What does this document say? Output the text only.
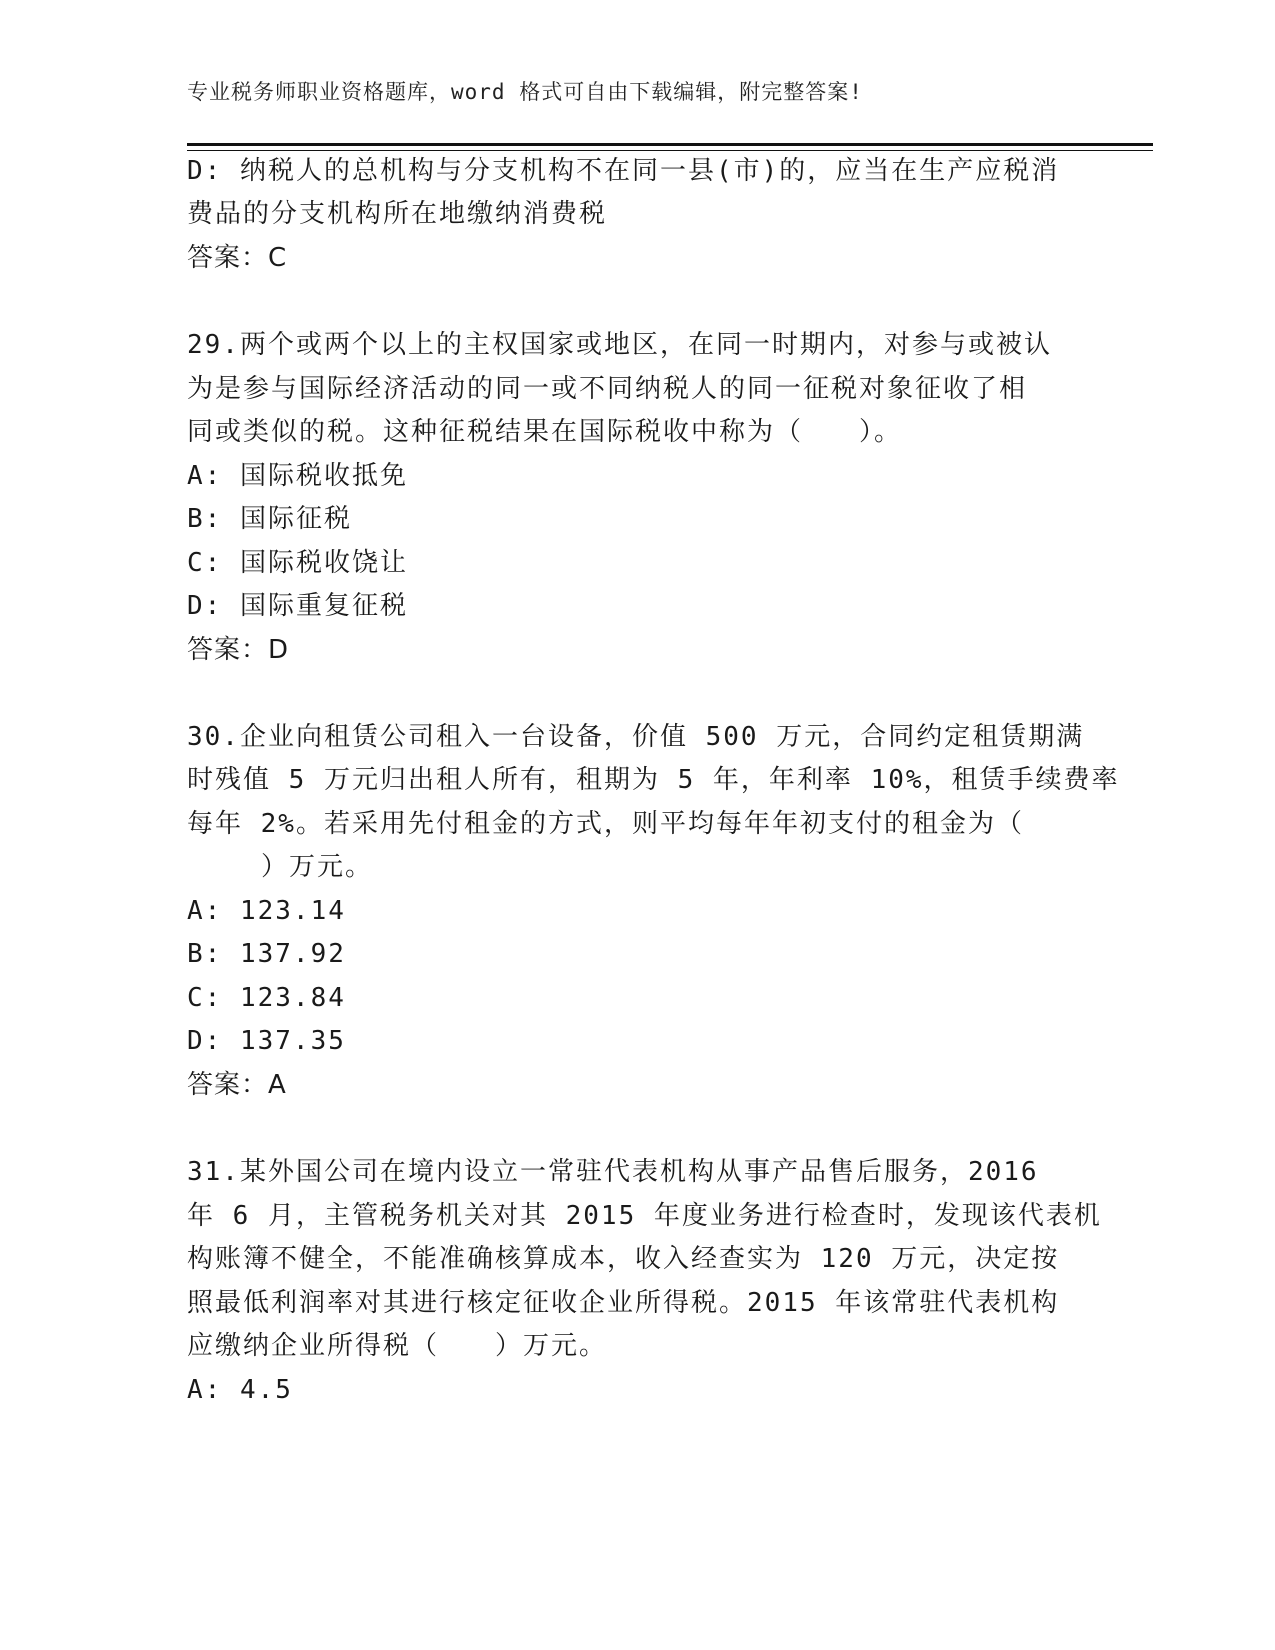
专业税务师职业资格题库，word 格式可自由下载编辑，附完整答案!
D: 纳税人的总机构与分支机构不在同一县(市)的，应当在生产应税消
费品的分支机构所在地缴纳消费税
答案：C
29.两个或两个以上的主权国家或地区，在同一时期内，对参与或被认
为是参与国际经济活动的同一或不同纳税人的同一征税对象征收了相
同或类似的税。这种征税结果在国际税收中称为（　　）。
A: 国际税收抵免
B: 国际征税
C: 国际税收饶让
D: 国际重复征税
答案：D
30.企业向租赁公司租入一台设备，价值 500 万元，合同约定租赁期满
时残值 5 万元归出租人所有，租期为 5 年，年利率 10%，租赁手续费率
每年 2%。若采用先付租金的方式，则平均每年年初支付的租金为（
）万元。
A: 123.14
B: 137.92
C: 123.84
D: 137.35
答案：A
31.某外国公司在境内设立一常驻代表机构从事产品售后服务，2016
年 6 月，主管税务机关对其 2015 年度业务进行检查时，发现该代表机
构账簿不健全，不能准确核算成本，收入经查实为 120 万元，决定按
照最低利润率对其进行核定征收企业所得税。2015 年该常驻代表机构
应缴纳企业所得税（　　）万元。
A: 4.5
